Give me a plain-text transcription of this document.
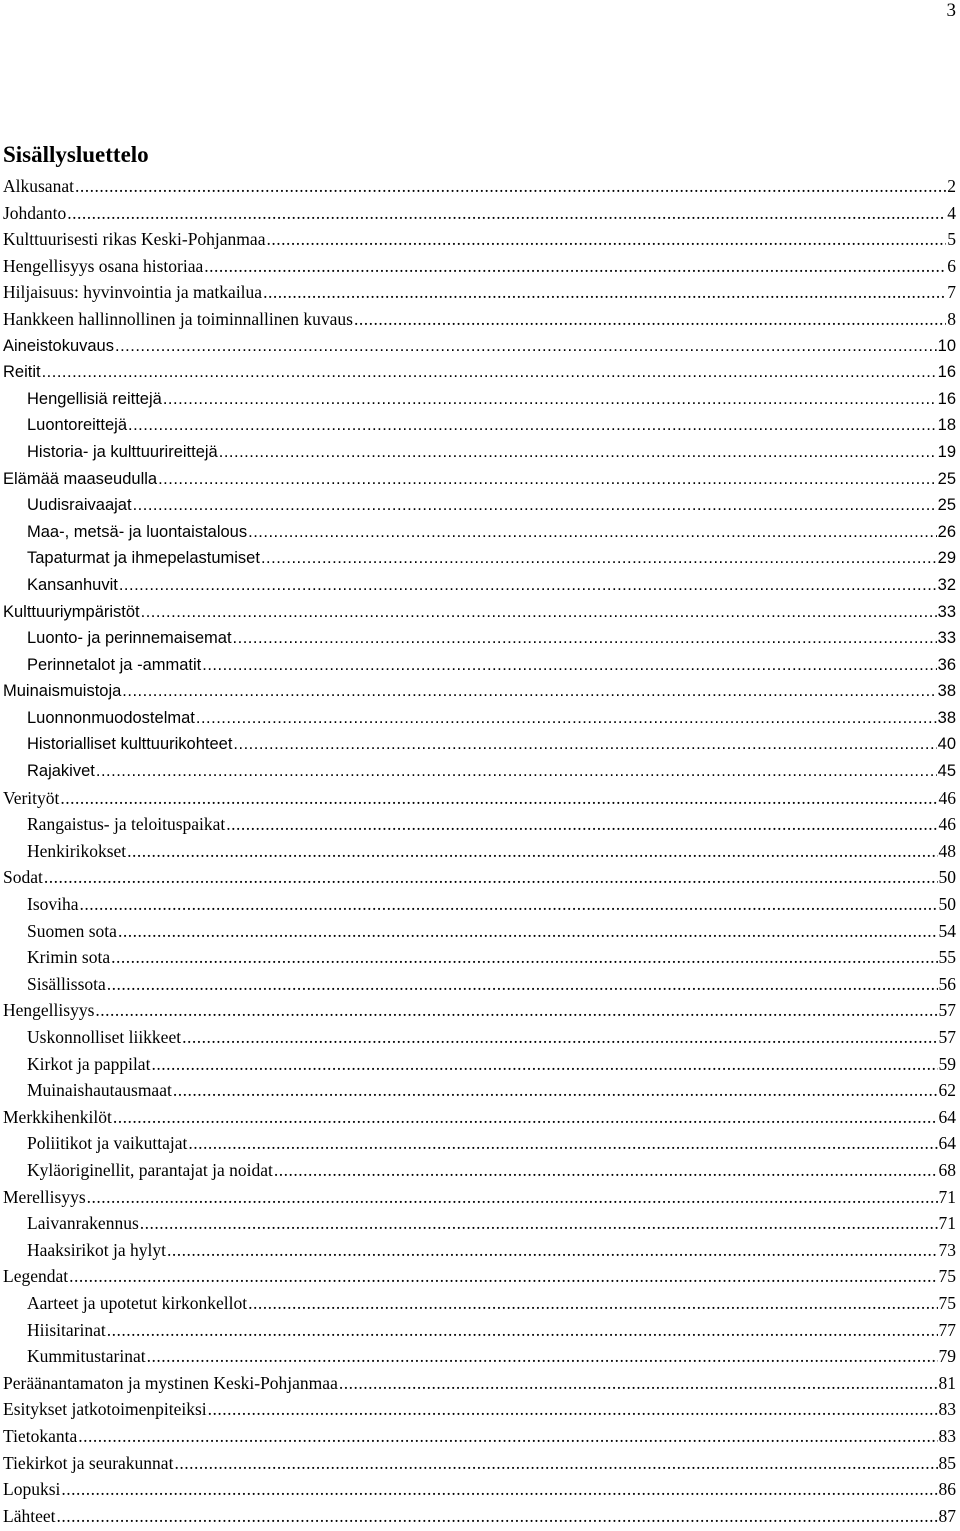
3
Sisällysluettelo
Alkusanat .....	2
Johdanto .....	4
Kulttuurisesti rikas Keski-Pohjanmaa .....	5
Hengellisyys osana historiaa .....	6
Hiljaisuus: hyvinvointia ja matkailua .....	7
Hankkeen hallinnollinen ja toiminnallinen kuvaus .....	8
Aineistokuvaus .....	10
Reitit .....	16
Hengellisiä reittejä .....	16
Luontoreittejä .....	18
Historia- ja kulttuurireittejä .....	19
Elämää maaseudulla .....	25
Uudisraivaajat .....	25
Maa-, metsä- ja luontaistalous .....	26
Tapaturmat ja ihmepelastumiset .....	29
Kansanhuvit .....	32
Kulttuuriympäristöt .....	33
Luonto- ja perinnemaisemat .....	33
Perinnetalot ja -ammatit .....	36
Muinaismuistoja .....	38
Luonnonmuodostelmat .....	38
Historialliset kulttuurikohteet .....	40
Rajakivet .....	45
Verityöt .....	46
Rangaistus- ja teloituspaikat .....	46
Henkirikokset .....	48
Sodat .....	50
Isoviha .....	50
Suomen sota .....	54
Krimin sota .....	55
Sisällissota .....	56
Hengellisyys .....	57
Uskonnolliset liikkeet .....	57
Kirkot ja pappilat .....	59
Muinaishautausmaat .....	62
Merkkihenkilöt .....	64
Poliitikot ja vaikuttajat .....	64
Kyläoriginellit, parantajat ja noidat .....	68
Merellisyys .....	71
Laivanrakennus .....	71
Haaksirikot ja hylyt .....	73
Legendat .....	75
Aarteet ja upotetut kirkonkellot .....	75
Hiisitarinat .....	77
Kummitustarinat .....	79
Peräänantamaton ja mystinen Keski-Pohjanmaa .....	81
Esitykset jatkotoimenpiteiksi .....	83
Tietokanta .....	83
Tiekirkot ja seurakunnat .....	85
Lopuksi .....	86
Lähteet .....	87
